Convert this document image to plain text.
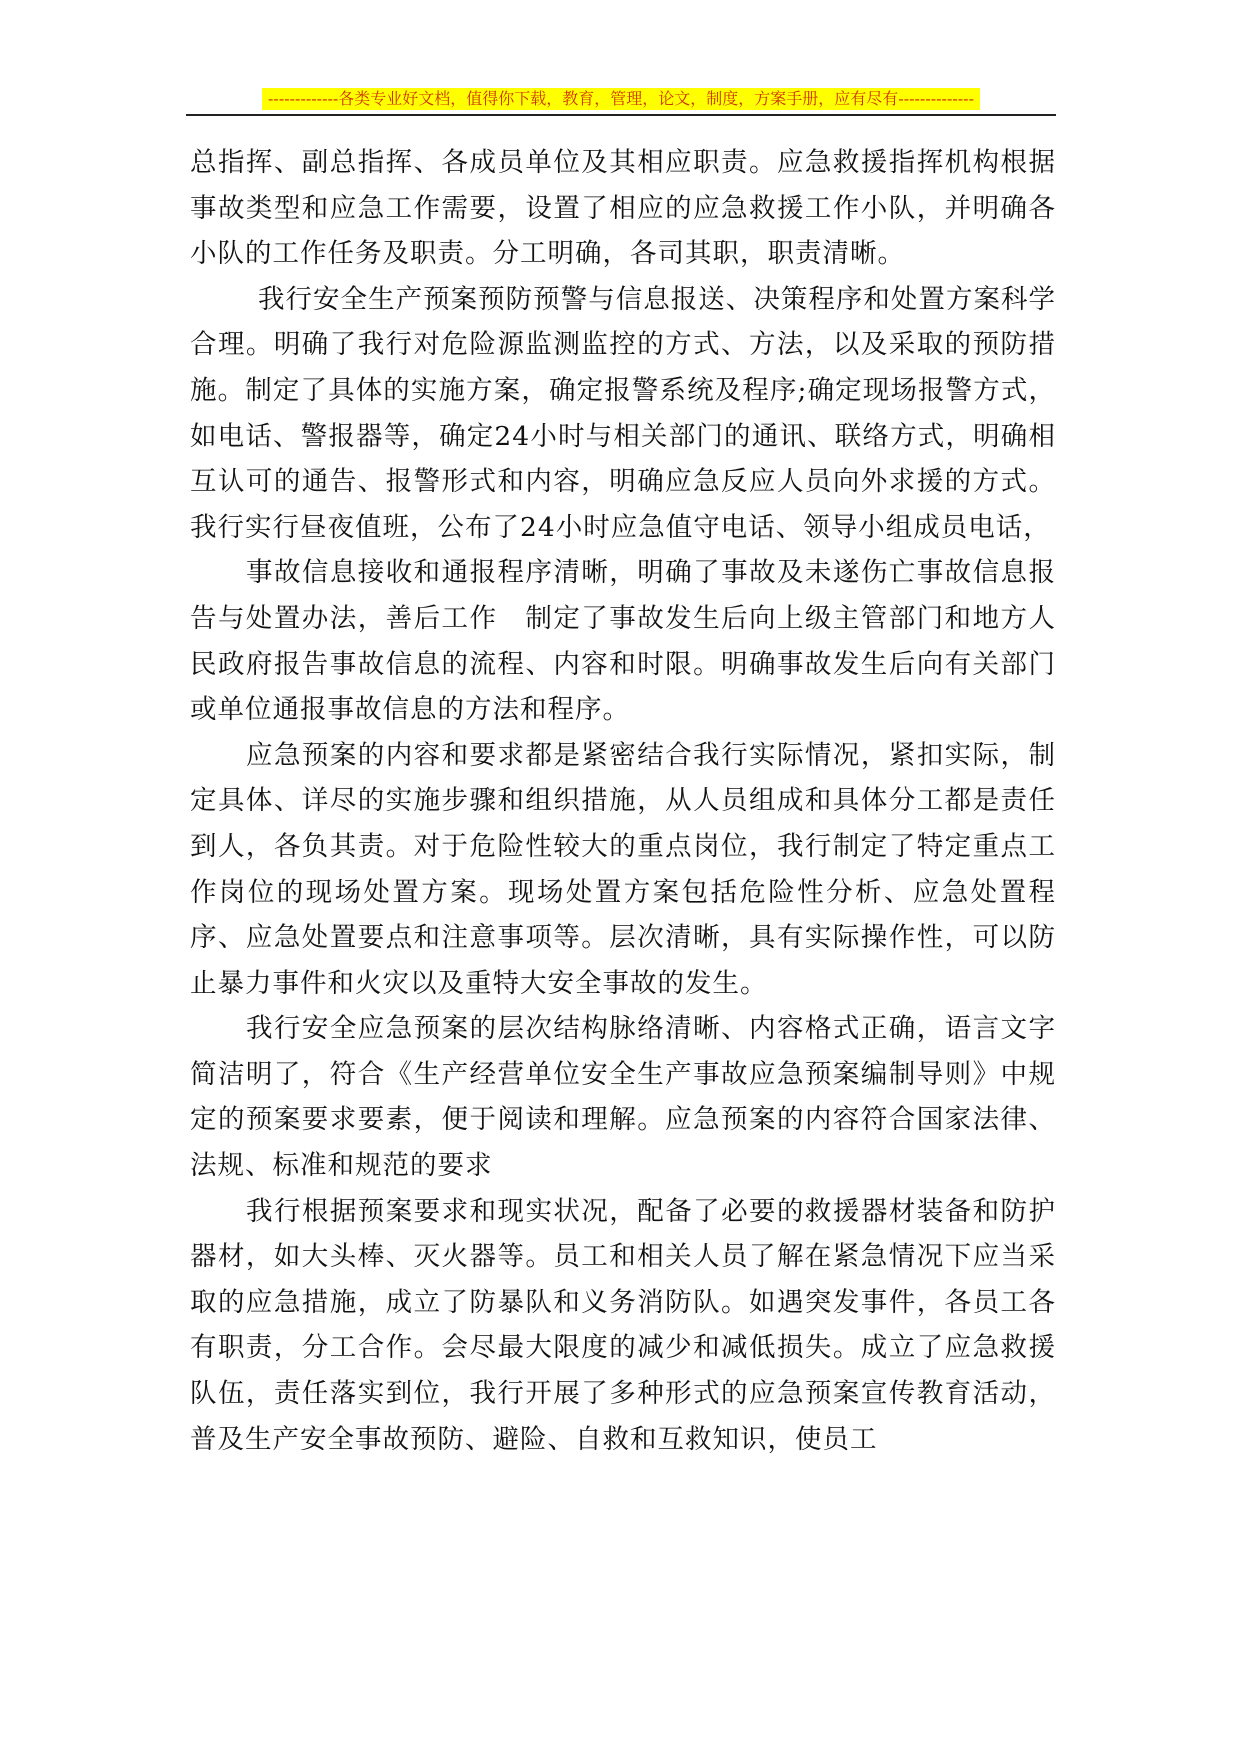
-------------各类专业好文档，值得你下载，教育，管理，论文，制度，方案手册，应有尽有--------------

总指挥、副总指挥、各成员单位及其相应职责。应急救援指挥机构根据事故类型和应急工作需要，设置了相应的应急救援工作小队，并明确各小队的工作任务及职责。分工明确，各司其职，职责清晰。

我行安全生产预案预防预警与信息报送、决策程序和处置方案科学合理。明确了我行对危险源监测监控的方式、方法，以及采取的预防措施。制定了具体的实施方案，确定报警系统及程序;确定现场报警方式，如电话、警报器等，确定24小时与相关部门的通讯、联络方式，明确相互认可的通告、报警形式和内容，明确应急反应人员向外求援的方式。我行实行昼夜值班，公布了24小时应急值守电话、领导小组成员电话，

事故信息接收和通报程序清晰，明确了事故及未遂伤亡事故信息报告与处置办法，善后工作　制定了事故发生后向上级主管部门和地方人民政府报告事故信息的流程、内容和时限。明确事故发生后向有关部门或单位通报事故信息的方法和程序。

应急预案的内容和要求都是紧密结合我行实际情况，紧扣实际，制定具体、详尽的实施步骤和组织措施，从人员组成和具体分工都是责任到人，各负其责。对于危险性较大的重点岗位，我行制定了特定重点工作岗位的现场处置方案。现场处置方案包括危险性分析、应急处置程序、应急处置要点和注意事项等。层次清晰，具有实际操作性，可以防止暴力事件和火灾以及重特大安全事故的发生。

我行安全应急预案的层次结构脉络清晰、内容格式正确，语言文字简洁明了，符合《生产经营单位安全生产事故应急预案编制导则》中规定的预案要求要素，便于阅读和理解。应急预案的内容符合国家法律、法规、标准和规范的要求

我行根据预案要求和现实状况，配备了必要的救援器材装备和防护器材，如大头棒、灭火器等。员工和相关人员了解在紧急情况下应当采取的应急措施，成立了防暴队和义务消防队。如遇突发事件，各员工各有职责，分工合作。会尽最大限度的减少和减低损失。成立了应急救援队伍，责任落实到位，我行开展了多种形式的应急预案宣传教育活动，普及生产安全事故预防、避险、自救和互救知识，使员工
